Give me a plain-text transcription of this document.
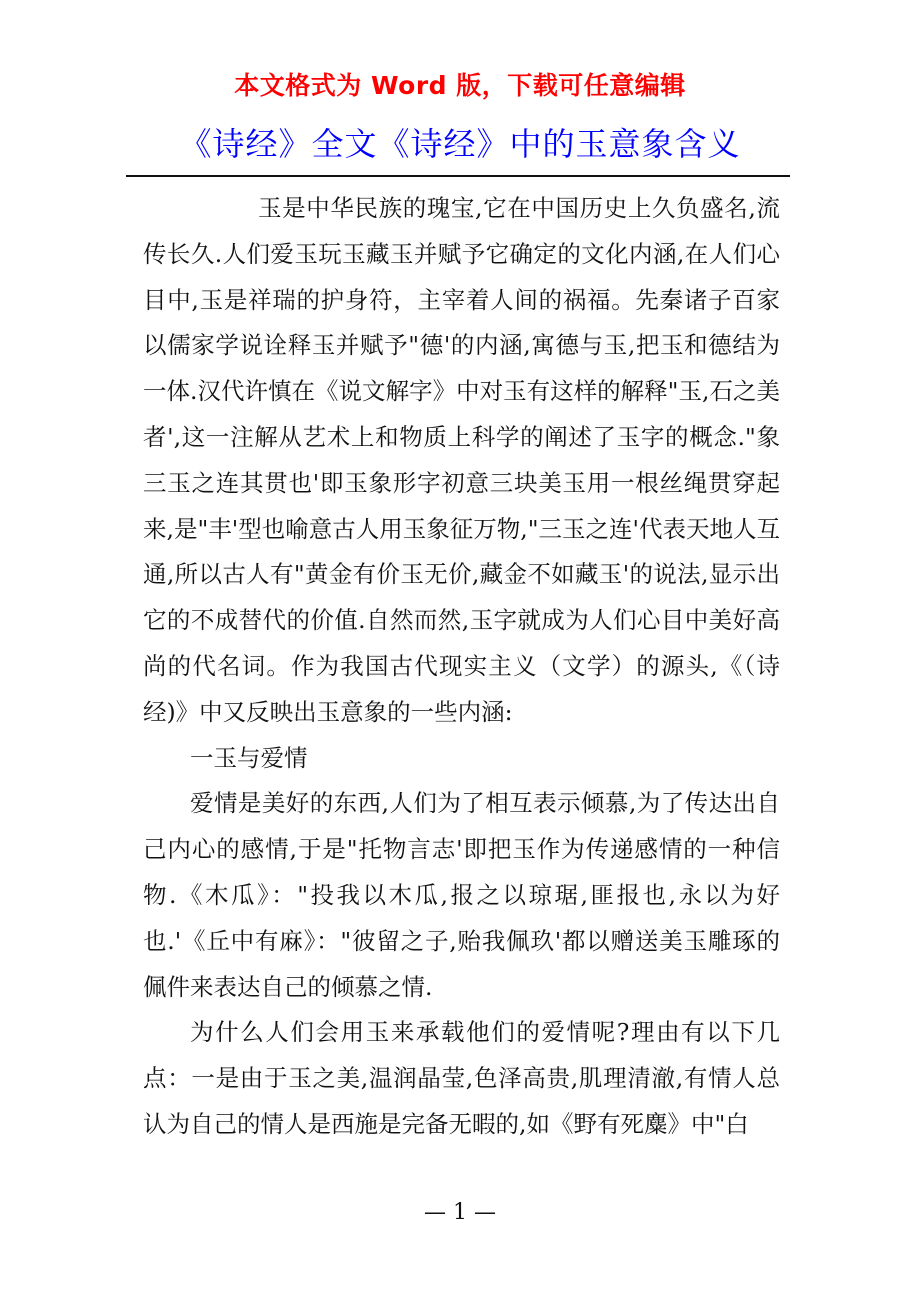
本文格式为 Word 版，下载可任意编辑
《诗经》全文《诗经》中的玉意象含义

玉是中华民族的瑰宝,它在中国历史上久负盛名,流传长久.人们爱玉玩玉藏玉并赋予它确定的文化内涵,在人们心目中,玉是祥瑞的护身符，主宰着人间的祸福。先秦诸子百家以儒家学说诠释玉并赋予"德'的内涵,寓德与玉,把玉和德结为一体.汉代许慎在《说文解字》中对玉有这样的解释"玉,石之美者',这一注解从艺术上和物质上科学的阐述了玉字的概念."象三玉之连其贯也'即玉象形字初意三块美玉用一根丝绳贯穿起来,是"丰'型也喻意古人用玉象征万物,"三玉之连'代表天地人互通,所以古人有"黄金有价玉无价,藏金不如藏玉'的说法,显示出它的不成替代的价值.自然而然,玉字就成为人们心目中美好高尚的代名词。作为我国古代现实主义（文学）的源头,《（诗经)》中又反映出玉意象的一些内涵:

一玉与爱情

爱情是美好的东西,人们为了相互表示倾慕,为了传达出自己内心的感情,于是"托物言志'即把玉作为传递感情的一种信物.《木瓜》："投我以木瓜,报之以琼琚,匪报也,永以为好也.'《丘中有麻》："彼留之子,贻我佩玖'都以赠送美玉雕琢的佩件来表达自己的倾慕之情.

为什么人们会用玉来承载他们的爱情呢?理由有以下几点：一是由于玉之美,温润晶莹,色泽高贵,肌理清澈,有情人总认为自己的情人是西施是完备无暇的,如《野有死麋》中"白

— 1 —
